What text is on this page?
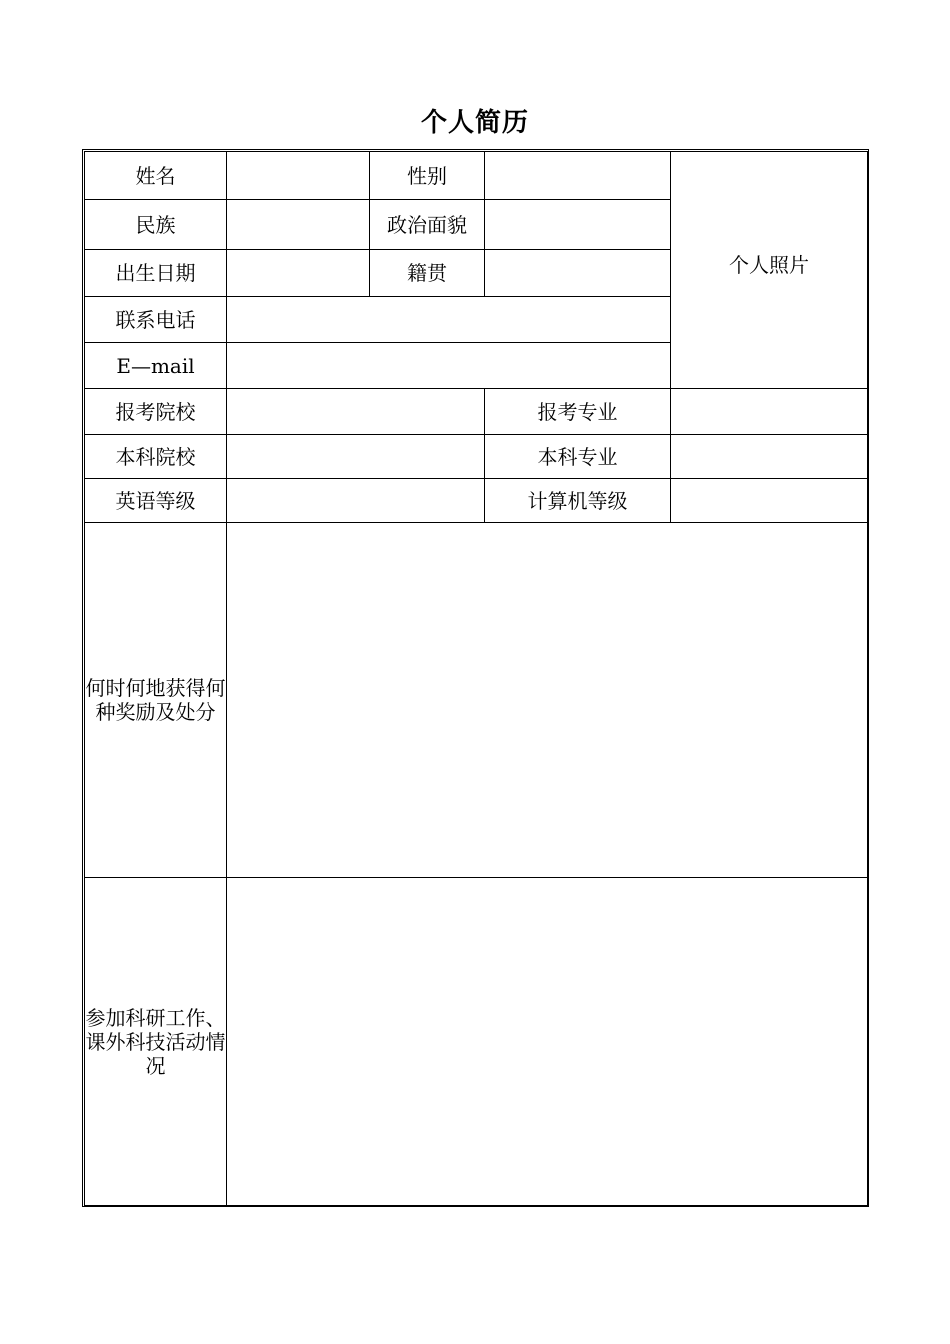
个人简历
姓名		性别		个人照片

民族		政治面貌		
出生日期		籍贯		
联系电话				
E—mail				
报考院校			报考专业	
本科院校			本科专业	
英语等级			计算机等级	
何时何地获得何种奖励及处分				
参加科研工作、课外科技活动情况				
